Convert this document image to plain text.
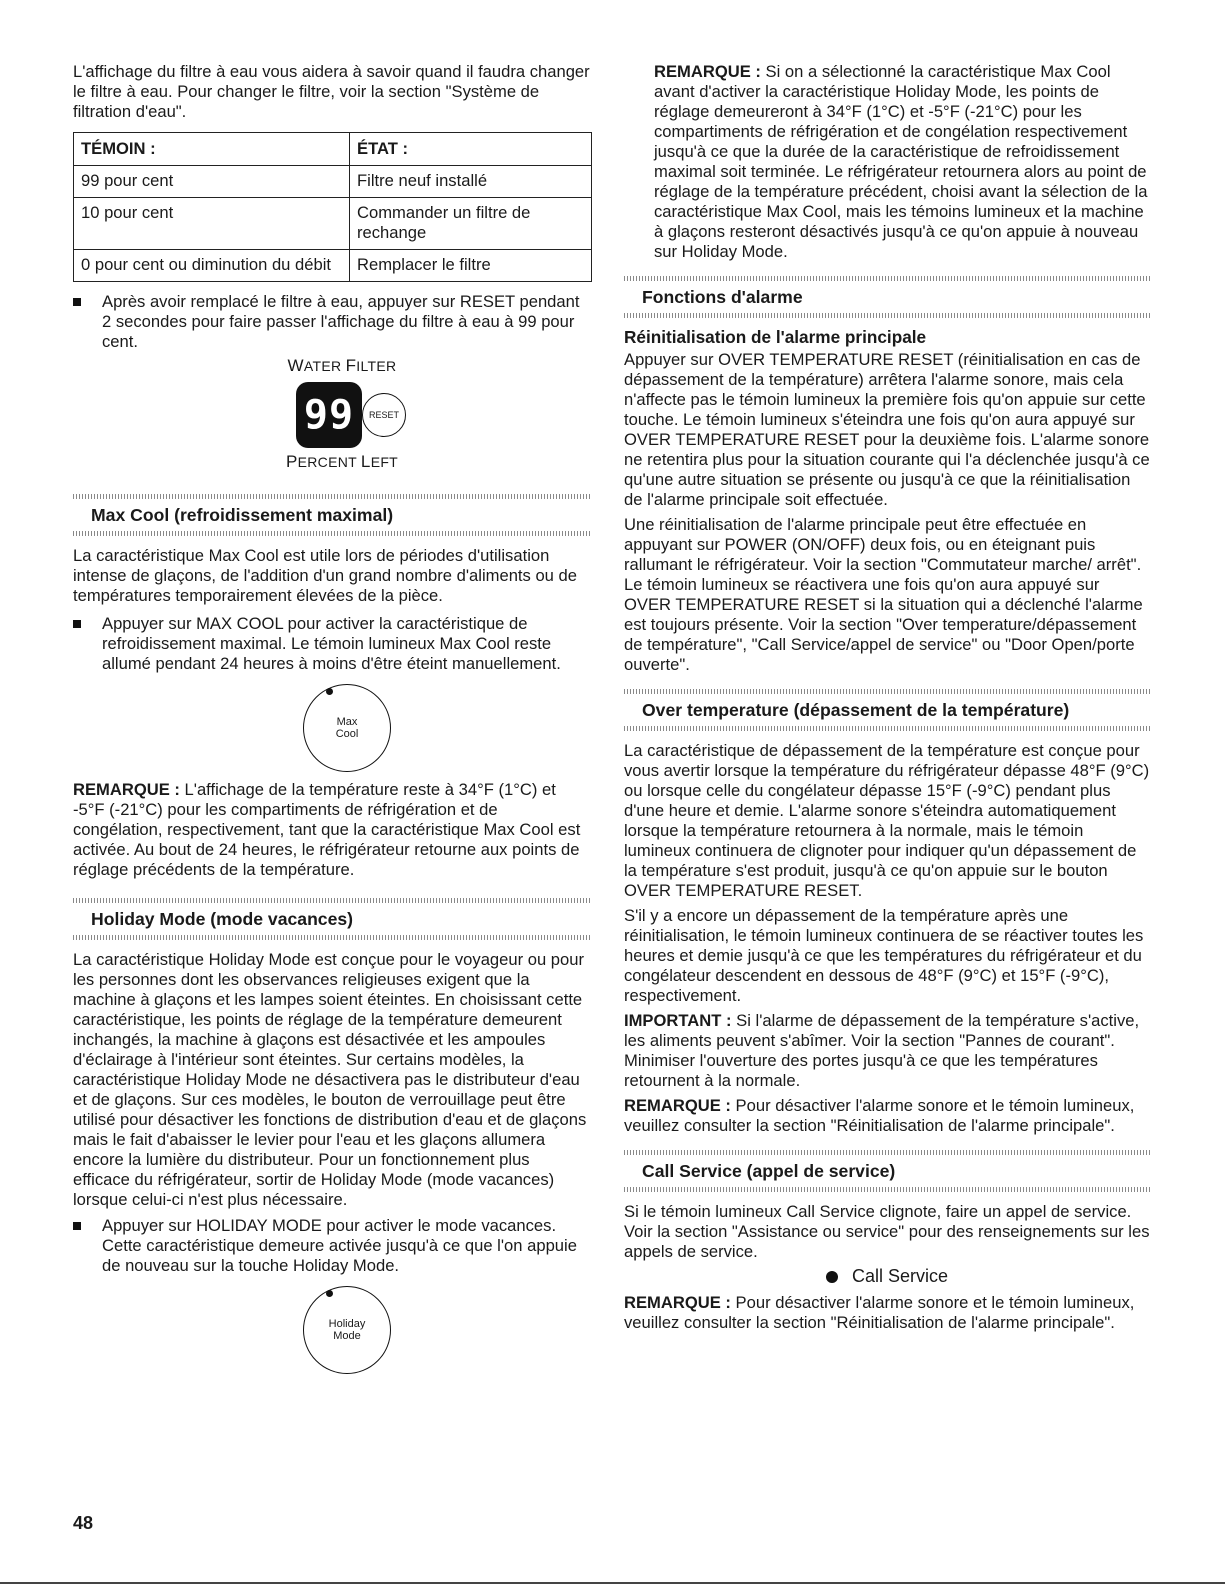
L'affichage du filtre à eau vous aidera à savoir quand il faudra changer le filtre à eau. Pour changer le filtre, voir la section "Système de filtration d'eau".

TÉMOIN :	ÉTAT :
99 pour cent	Filtre neuf installé
10 pour cent	Commander un filtre de rechange
0 pour cent ou diminution du débit	Remplacer le filtre
Après avoir remplacé le filtre à eau, appuyer sur RESET pendant 2 secondes pour faire passer l'affichage du filtre à eau à 99 pour cent.
WATER FILTER
99 RESET
PERCENT LEFT
Max Cool (refroidissement maximal)

La caractéristique Max Cool est utile lors de périodes d'utilisation intense de glaçons, de l'addition d'un grand nombre d'aliments ou de températures temporairement élevées de la pièce.

Appuyer sur MAX COOL pour activer la caractéristique de refroidissement maximal. Le témoin lumineux Max Cool reste allumé pendant 24 heures à moins d'être éteint manuellement.
Max
Cool

REMARQUE : L'affichage de la température reste à 34°F (1°C) et -5°F (-21°C) pour les compartiments de réfrigération et de congélation, respectivement, tant que la caractéristique Max Cool est activée. Au bout de 24 heures, le réfrigérateur retourne aux points de réglage précédents de la température.

Holiday Mode (mode vacances)

La caractéristique Holiday Mode est conçue pour le voyageur ou pour les personnes dont les observances religieuses exigent que la machine à glaçons et les lampes soient éteintes. En choisissant cette caractéristique, les points de réglage de la température demeurent inchangés, la machine à glaçons est désactivée et les ampoules d'éclairage à l'intérieur sont éteintes. Sur certains modèles, la caractéristique Holiday Mode ne désactivera pas le distributeur d'eau et de glaçons. Sur ces modèles, le bouton de verrouillage peut être utilisé pour désactiver les fonctions de distribution d'eau et de glaçons mais le fait d'abaisser le levier pour l'eau et les glaçons allumera encore la lumière du distributeur. Pour un fonctionnement plus efficace du réfrigérateur, sortir de Holiday Mode (mode vacances) lorsque celui-ci n'est plus nécessaire.

Appuyer sur HOLIDAY MODE pour activer le mode vacances. Cette caractéristique demeure activée jusqu'à ce que l'on appuie de nouveau sur la touche Holiday Mode.
Holiday
Mode

REMARQUE : Si on a sélectionné la caractéristique Max Cool avant d'activer la caractéristique Holiday Mode, les points de réglage demeureront à 34°F (1°C) et -5°F (-21°C) pour les compartiments de réfrigération et de congélation respectivement jusqu'à ce que la durée de la caractéristique de refroidissement maximal soit terminée. Le réfrigérateur retournera alors au point de réglage de la température précédent, choisi avant la sélection de la caractéristique Max Cool, mais les témoins lumineux et la machine à glaçons resteront désactivés jusqu'à ce qu'on appuie à nouveau sur Holiday Mode.

Fonctions d'alarme
Réinitialisation de l'alarme principale

Appuyer sur OVER TEMPERATURE RESET (réinitialisation en cas de dépassement de la température) arrêtera l'alarme sonore, mais cela n'affecte pas le témoin lumineux la première fois qu'on appuie sur cette touche. Le témoin lumineux s'éteindra une fois qu'on aura appuyé sur OVER TEMPERATURE RESET pour la deuxième fois. L'alarme sonore ne retentira plus pour la situation courante qui l'a déclenchée jusqu'à ce qu'une autre situation se présente ou jusqu'à ce que la réinitialisation de l'alarme principale soit effectuée.

Une réinitialisation de l'alarme principale peut être effectuée en appuyant sur POWER (ON/OFF) deux fois, ou en éteignant puis rallumant le réfrigérateur. Voir la section "Commutateur marche/ arrêt". Le témoin lumineux se réactivera une fois qu'on aura appuyé sur OVER TEMPERATURE RESET si la situation qui a déclenché l'alarme est toujours présente. Voir la section "Over temperature/dépassement de température", "Call Service/appel de service" ou "Door Open/porte ouverte".

Over temperature (dépassement de la température)

La caractéristique de dépassement de la température est conçue pour vous avertir lorsque la température du réfrigérateur dépasse 48°F (9°C) ou lorsque celle du congélateur dépasse 15°F (-9°C) pendant plus d'une heure et demie. L'alarme sonore s'éteindra automatiquement lorsque la température retournera à la normale, mais le témoin lumineux continuera de clignoter pour indiquer qu'un dépassement de la température s'est produit, jusqu'à ce qu'on appuie sur le bouton OVER TEMPERATURE RESET.

S'il y a encore un dépassement de la température après une réinitialisation, le témoin lumineux continuera de se réactiver toutes les heures et demie jusqu'à ce que les températures du réfrigérateur et du congélateur descendent en dessous de 48°F (9°C) et 15°F (-9°C), respectivement.

IMPORTANT : Si l'alarme de dépassement de la température s'active, les aliments peuvent s'abîmer. Voir la section "Pannes de courant". Minimiser l'ouverture des portes jusqu'à ce que les températures retournent à la normale.

REMARQUE : Pour désactiver l'alarme sonore et le témoin lumineux, veuillez consulter la section "Réinitialisation de l'alarme principale".

Call Service (appel de service)

Si le témoin lumineux Call Service clignote, faire un appel de service. Voir la section "Assistance ou service" pour des renseignements sur les appels de service.

Call Service

REMARQUE : Pour désactiver l'alarme sonore et le témoin lumineux, veuillez consulter la section "Réinitialisation de l'alarme principale".

48
